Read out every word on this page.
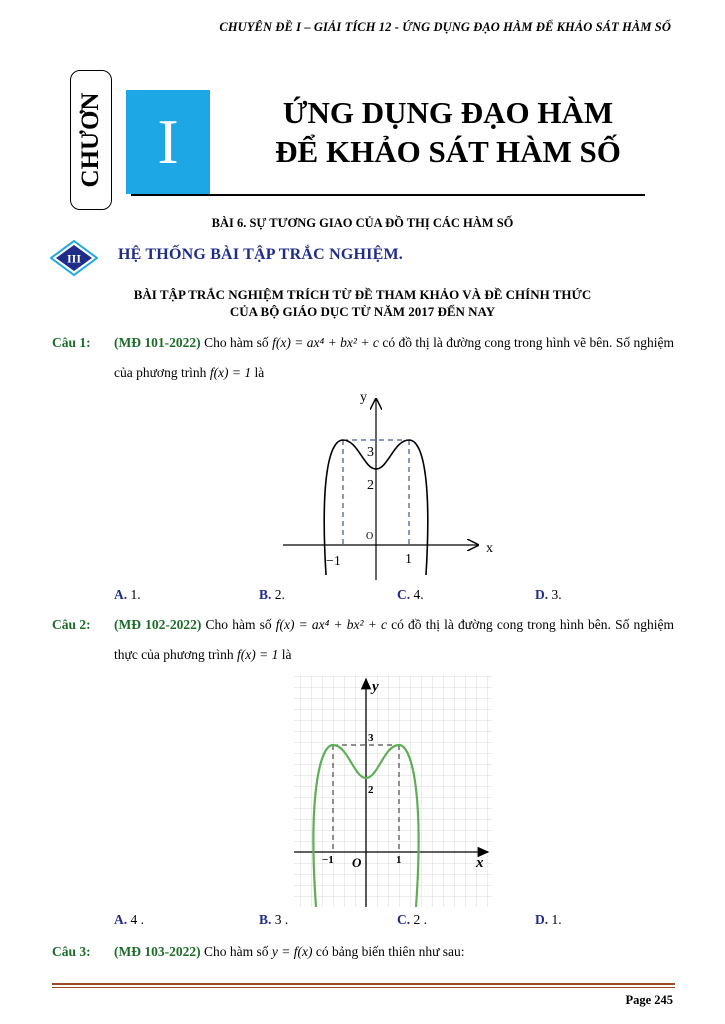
CHUYÊN ĐỀ I – GIẢI TÍCH 12 - ỨNG DỤNG ĐẠO HÀM ĐỂ KHẢO SÁT HÀM SỐ
CHƯƠN I	ỨNG DỤNG ĐẠO HÀM
ĐỂ KHẢO SÁT HÀM SỐ
BÀI 6. SỰ TƯƠNG GIAO CỦA ĐỒ THỊ CÁC HÀM SỐ
III HỆ THỐNG BÀI TẬP TRẮC NGHIỆM.
BÀI TẬP TRẮC NGHIỆM TRÍCH TỪ ĐỀ THAM KHẢO VÀ ĐỀ CHÍNH THỨC
CỦA BỘ GIÁO DỤC TỪ NĂM 2017 ĐẾN NAY
Câu 1: (MĐ 101-2022) Cho hàm số f(x) = ax⁴ + bx² + c có đồ thị là đường cong trong hình vẽ bên. Số nghiệm của phương trình f(x) = 1 là
y
x
O
−1	1
3
2
A. 1.	B. 2.	C. 4.	D. 3.
Câu 2: (MĐ 102-2022) Cho hàm số f(x) = ax⁴ + bx² + c có đồ thị là đường cong trong hình bên. Số nghiệm thực của phương trình f(x) = 1 là
y
x
O
−1	1
3
2
A. 4 .	B. 3 .	C. 2 .	D. 1.
Câu 3: (MĐ 103-2022) Cho hàm số y = f(x) có bảng biến thiên như sau:
Page 245
